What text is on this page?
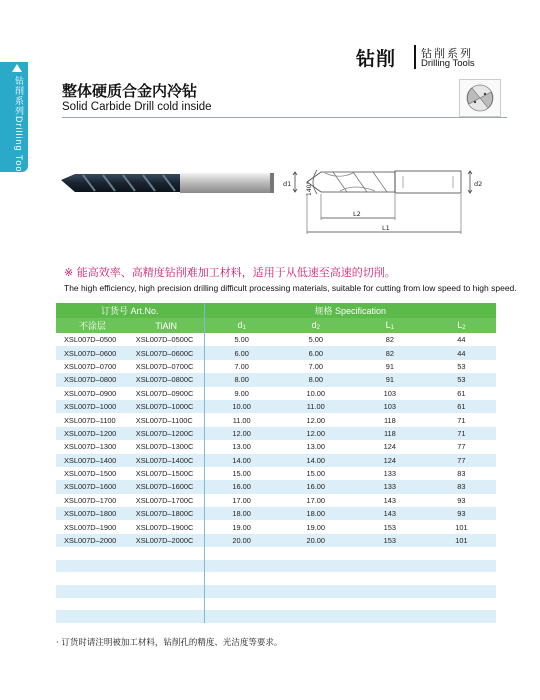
钻削 钻削系列
Drilling Tools
钻削系列Drilling Tools	整体硬质合金内冷钻
Solid Carbide Drill cold inside
d1	d2
140°
L2
L1
※ 能高效率、高精度钻削难加工材料，适用于从低速至高速的切削。
The high efficiency, high precision drilling difficult processing materials, suitable for cutting from low speed to high speed.
订货号 Art.No.		规格 Specification			
不涂层	TiAlN	d1	d2	L1	L2
XSL007D–0500	XSL007D–0500C	5.00	5.00	82	44
XSL007D–0600	XSL007D–0600C	6.00	6.00	82	44
XSL007D–0700	XSL007D–0700C	7.00	7.00	91	53
XSL007D–0800	XSL007D–0800C	8.00	8.00	91	53
XSL007D–0900	XSL007D–0900C	9.00	10.00	103	61
XSL007D–1000	XSL007D–1000C	10.00	11.00	103	61
XSL007D–1100	XSL007D–1100C	11.00	12.00	118	71
XSL007D–1200	XSL007D–1200C	12.00	12.00	118	71
XSL007D–1300	XSL007D–1300C	13.00	13.00	124	77
XSL007D–1400	XSL007D–1400C	14.00	14.00	124	77
XSL007D–1500	XSL007D–1500C	15.00	15.00	133	83
XSL007D–1600	XSL007D–1600C	16.00	16.00	133	83
XSL007D–1700	XSL007D–1700C	17.00	17.00	143	93
XSL007D–1800	XSL007D–1800C	18.00	18.00	143	93
XSL007D–1900	XSL007D–1900C	19.00	19.00	153	101
XSL007D–2000	XSL007D–2000C	20.00	20.00	153	101

· 订货时请注明被加工材料，钻削孔的精度、光洁度等要求。
